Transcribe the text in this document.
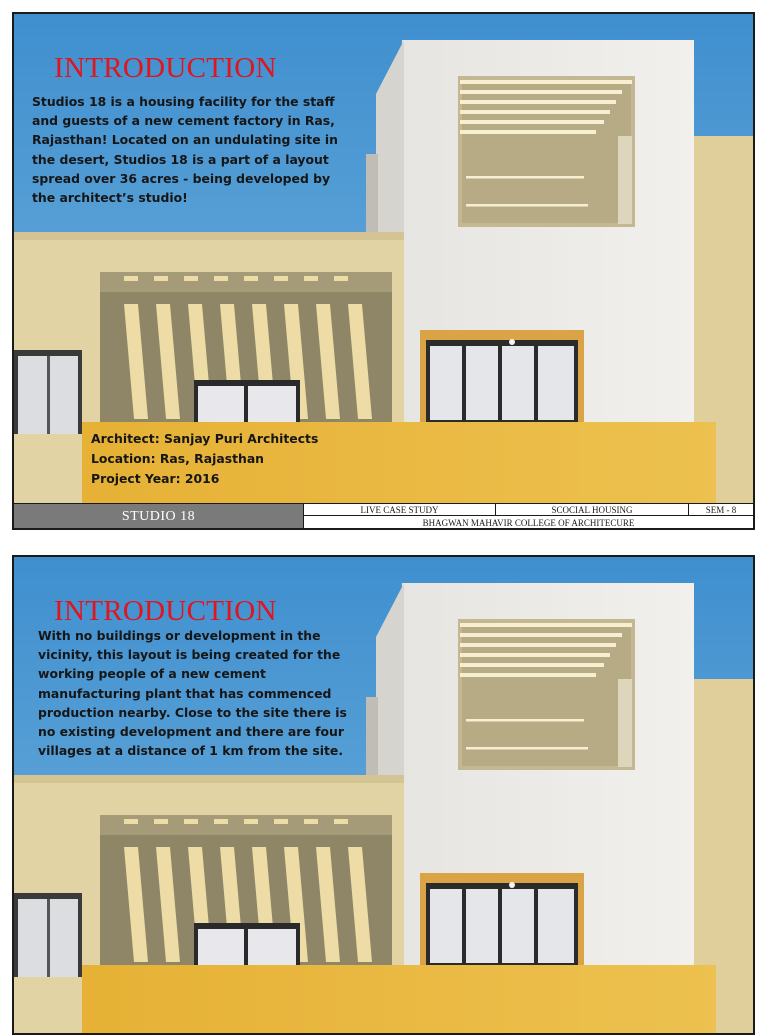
INTRODUCTION

Studios 18 is a housing facility for the staff and guests of a new cement factory in Ras, Rajasthan! Located on an undulating site in the desert, Studios 18 is a part of a layout spread over 36 acres - being developed by the architect’s studio!

Architect: Sanjay Puri Architects
Location: Ras, Rajasthan
Project Year: 2016
STUDIO 18	LIVE CASE STUDY	SCOCIAL HOUSING	SEM - 8
BHAGWAN MAHAVIR COLLEGE OF ARCHITECURE
INTRODUCTION

With no buildings or development in the vicinity, this layout is being created for the working people of a new cement manufacturing plant that has commenced production nearby. Close to the site there is no existing development and there are four villages at a distance of 1 km from the site.
